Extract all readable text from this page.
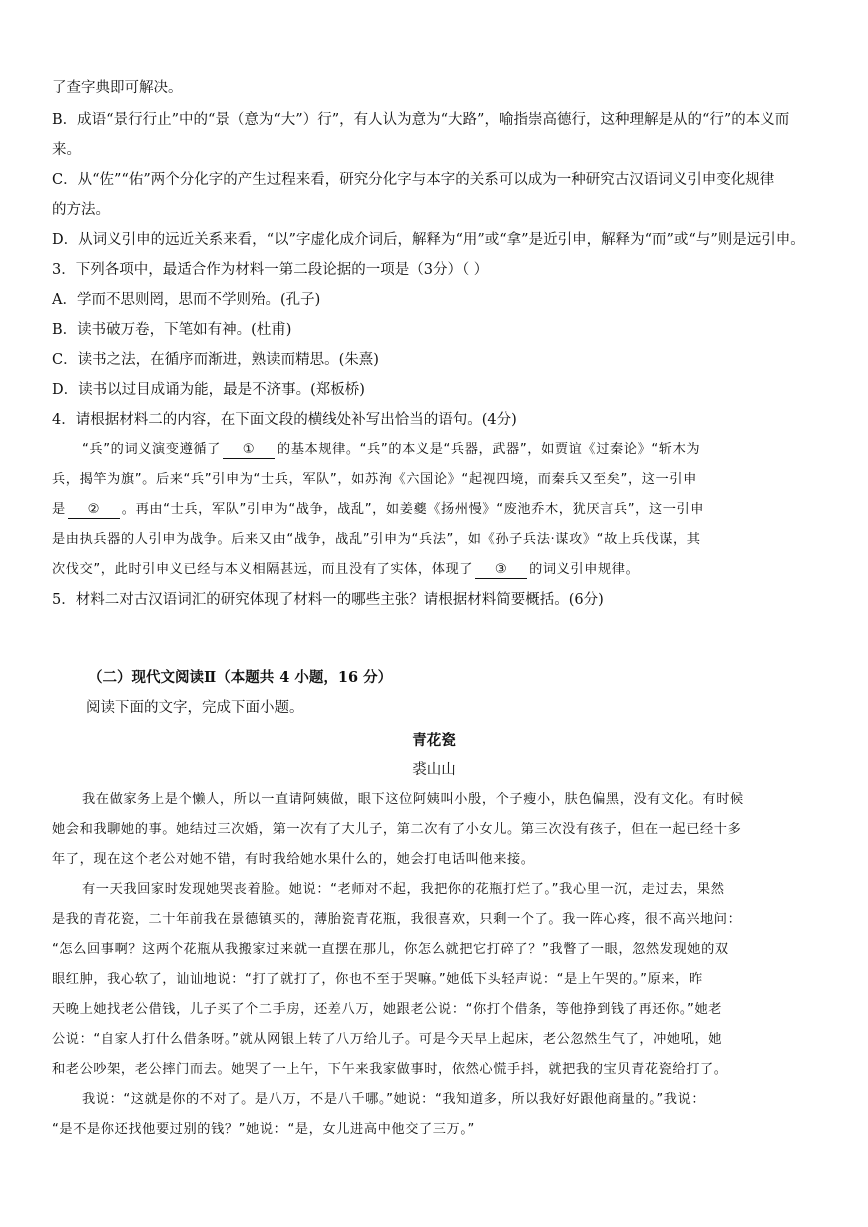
了查字典即可解决。
B．成语“景行行止”中的“景（意为“大”）行”，有人认为意为“大路”，喻指崇高德行，这种理解是从的“行”的本义而
来。
C．从“佐”“佑”两个分化字的产生过程来看，研究分化字与本字的关系可以成为一种研究古汉语词义引申变化规律
的方法。
D．从词义引申的远近关系来看，“以”字虚化成介词后，解释为“用”或“拿”是近引申，解释为“而”或“与”则是远引申。
3．下列各项中，最适合作为材料一第二段论据的一项是（3分）（ ）
A．学而不思则罔，思而不学则殆。(孔子)
B．读书破万卷，下笔如有神。(杜甫)
C．读书之法，在循序而渐进，熟读而精思。(朱熹)
D．读书以过目成诵为能，最是不济事。(郑板桥)
4．请根据材料二的内容，在下面文段的横线处补写出恰当的语句。(4分)
“兵”的词义演变遵循了 ① 的基本规律。“兵”的本义是“兵器，武器”，如贾谊《过秦论》“斩木为
兵，揭竿为旗”。后来“兵”引申为“士兵，军队”，如苏洵《六国论》“起视四境，而秦兵又至矣”，这一引申
是 ② 。再由“士兵，军队”引申为“战争，战乱”，如姜夔《扬州慢》“废池乔木，犹厌言兵”，这一引申
是由执兵器的人引申为战争。后来又由“战争，战乱”引申为“兵法”，如《孙子兵法·谋攻》“故上兵伐谋，其
次伐交”，此时引申义已经与本义相隔甚远，而且没有了实体，体现了 ③ 的词义引申规律。
5．材料二对古汉语词汇的研究体现了材料一的哪些主张？请根据材料简要概括。(6分)
（二）现代文阅读Ⅱ（本题共 4 小题，16 分）
阅读下面的文字，完成下面小题。
青花瓷
裘山山
我在做家务上是个懒人，所以一直请阿姨做，眼下这位阿姨叫小殷，个子瘦小，肤色偏黑，没有文化。有时候
她会和我聊她的事。她结过三次婚，第一次有了大儿子，第二次有了小女儿。第三次没有孩子，但在一起已经十多
年了，现在这个老公对她不错，有时我给她水果什么的，她会打电话叫他来接。
有一天我回家时发现她哭丧着脸。她说：“老师对不起，我把你的花瓶打烂了。”我心里一沉，走过去，果然
是我的青花瓷，二十年前我在景德镇买的，薄胎瓷青花瓶，我很喜欢，只剩一个了。我一阵心疼，很不高兴地问：
“怎么回事啊？这两个花瓶从我搬家过来就一直摆在那儿，你怎么就把它打碎了？”我瞥了一眼，忽然发现她的双
眼红肿，我心软了，讪讪地说：“打了就打了，你也不至于哭嘛。”她低下头轻声说：“是上午哭的。”原来，昨
天晚上她找老公借钱，儿子买了个二手房，还差八万，她跟老公说：“你打个借条，等他挣到钱了再还你。”她老
公说：“自家人打什么借条呀。”就从网银上转了八万给儿子。可是今天早上起床，老公忽然生气了，冲她吼，她
和老公吵架，老公摔门而去。她哭了一上午，下午来我家做事时，依然心慌手抖，就把我的宝贝青花瓷给打了。
我说：“这就是你的不对了。是八万，不是八千哪。”她说：“我知道多，所以我好好跟他商量的。”我说：
“是不是你还找他要过别的钱？”她说：“是，女儿进高中他交了三万。”
